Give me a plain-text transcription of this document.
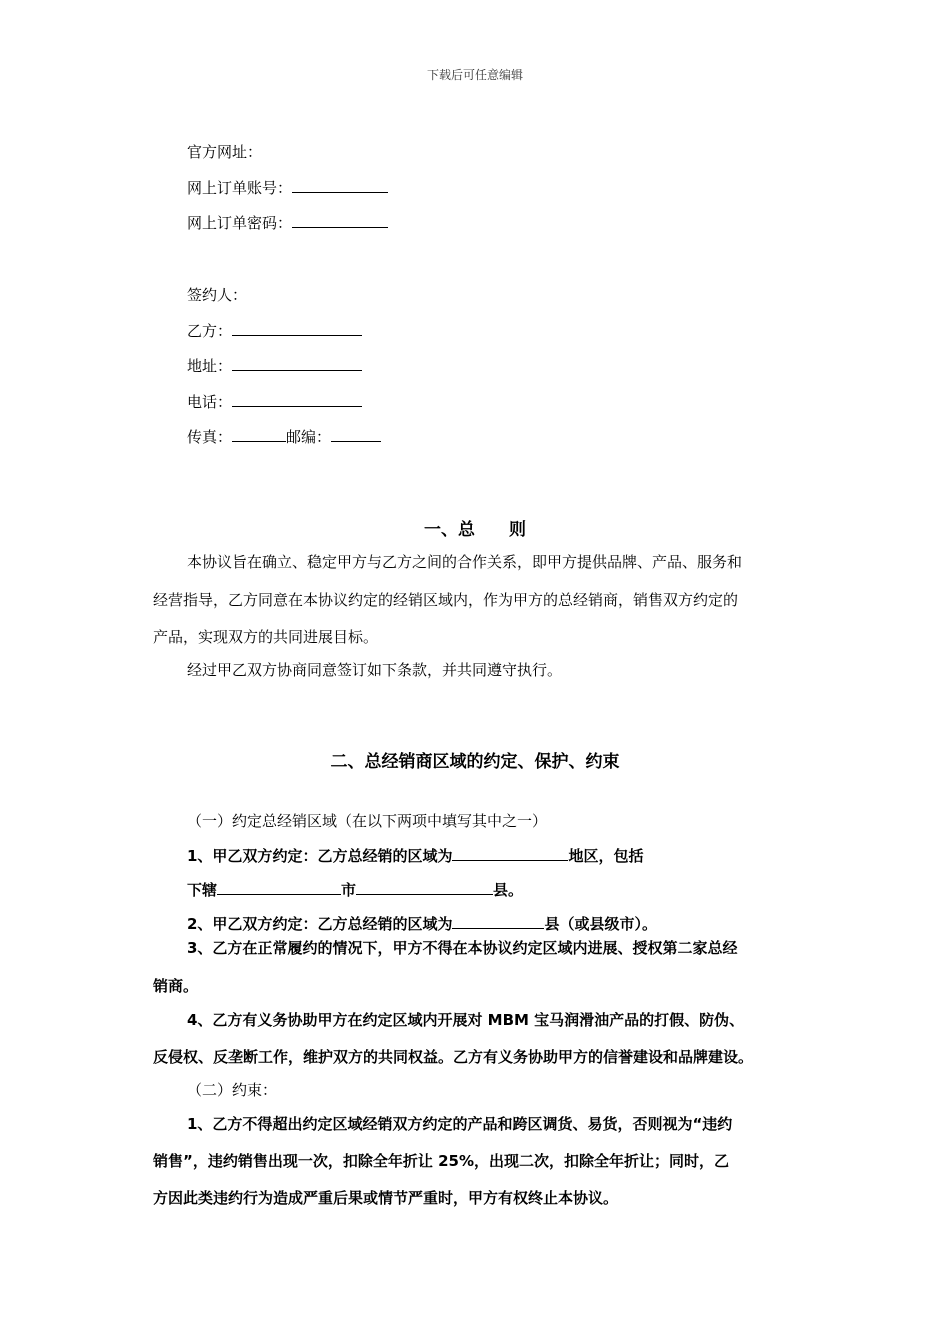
下载后可任意编辑
官方网址：
网上订单账号：
网上订单密码：
签约人：
乙方：
地址：
电话：
传真：	邮编：
一、总　　则
本协议旨在确立、稳定甲方与乙方之间的合作关系，即甲方提供品牌、产品、服务和
经营指导，乙方同意在本协议约定的经销区域内，作为甲方的总经销商，销售双方约定的
产品，实现双方的共同进展目标。
经过甲乙双方协商同意签订如下条款，并共同遵守执行。
二、总经销商区域的约定、保护、约束
（一）约定总经销区域（在以下两项中填写其中之一）
1、甲乙双方约定：乙方总经销的区域为	地区，包括
下辖	市	县。
2、甲乙双方约定：乙方总经销的区域为	县（或县级市）。
3、乙方在正常履约的情况下，甲方不得在本协议约定区域内进展、授权第二家总经
销商。
4、乙方有义务协助甲方在约定区域内开展对 MBM 宝马润滑油产品的打假、防伪、
反侵权、反垄断工作，维护双方的共同权益。乙方有义务协助甲方的信誉建设和品牌建设。
（二）约束：
1、乙方不得超出约定区域经销双方约定的产品和跨区调货、易货，否则视为“违约
销售”，违约销售出现一次，扣除全年折让 25%，出现二次，扣除全年折让；同时，乙
方因此类违约行为造成严重后果或情节严重时，甲方有权终止本协议。
